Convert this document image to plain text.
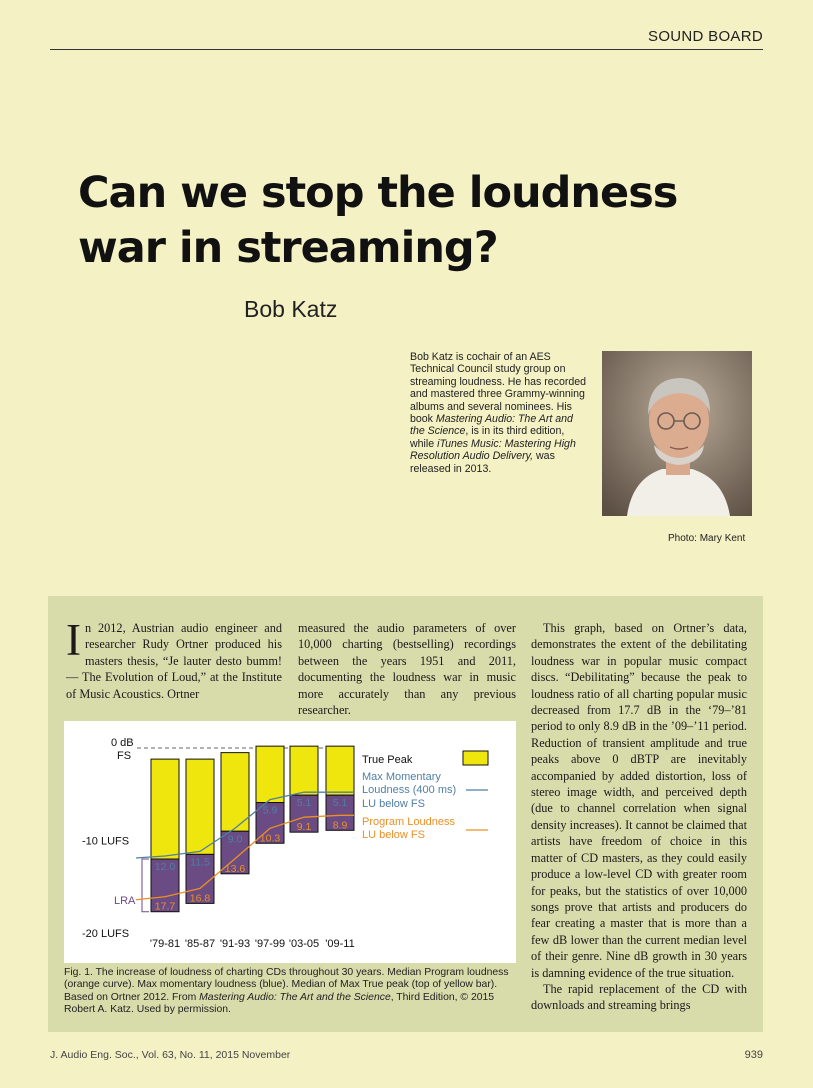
SOUND BOARD
Can we stop the loudness
war in streaming?
Bob Katz
Bob Katz is cochair of an AES Technical Council study group on streaming loudness. He has recorded and mastered three Grammy-winning albums and several nominees. His book Mastering Audio: The Art and the Science, is in its third edition, while iTunes Music: Mastering High Resolution Audio Delivery, was released in 2013.
Photo: Mary Kent
In 2012, Austrian audio engineer and researcher Rudy Ortner produced his masters thesis, “Je lauter desto bumm! — The Evolution of Loud,” at the Institute of Music Acoustics. Ortner
measured the audio parameters of over 10,000 charting (bestselling) recordings between the years 1951 and 2011, documenting the loudness war in music more accurately than any previous researcher.
This graph, based on Ortner’s data, demonstrates the extent of the debilitating loudness war in popular music compact discs. “Debilitating” because the peak to loudness ratio of all charting popular music decreased from 17.7 dB in the ‘79–’81 period to only 8.9 dB in the ’09–’11 period. Reduction of transient amplitude and true peaks above 0 dBTP are inevitably accompanied by added distortion, loss of stereo image width, and perceived depth (due to channel correlation when signal density increases). It cannot be claimed that artists have freedom of choice in this matter of CD masters, as they could easily produce a low-level CD with greater room for peaks, but the statistics of over 10,000 songs prove that artists and producers do fear creating a master that is more than a few dB lower than the current median level of their genre. Nine dB growth in 30 years is damning evidence of the true situation.
The rapid replacement of the CD with downloads and streaming brings
0 dB
FS
-10 LUFS
-20 LUFS
LRA
12.0
17.7
'79-81
11.5
16.8
'85-87
9.0
13.6
'91-93
5.9
10.3
'97-99
5.1
9.1
'03-05
5.1
8.9
'09-11
True Peak
Max Momentary
Loudness (400 ms)
LU below FS
Program Loudness
LU below FS
Fig. 1. The increase of loudness of charting CDs throughout 30 years. Median Program loudness (orange curve). Max momentary loudness (blue). Median of Max True peak (top of yellow bar). Based on Ortner 2012. From Mastering Audio: The Art and the Science, Third Edition, © 2015 Robert A. Katz. Used by permission.
J. Audio Eng. Soc., Vol. 63, No. 11, 2015 November	939
